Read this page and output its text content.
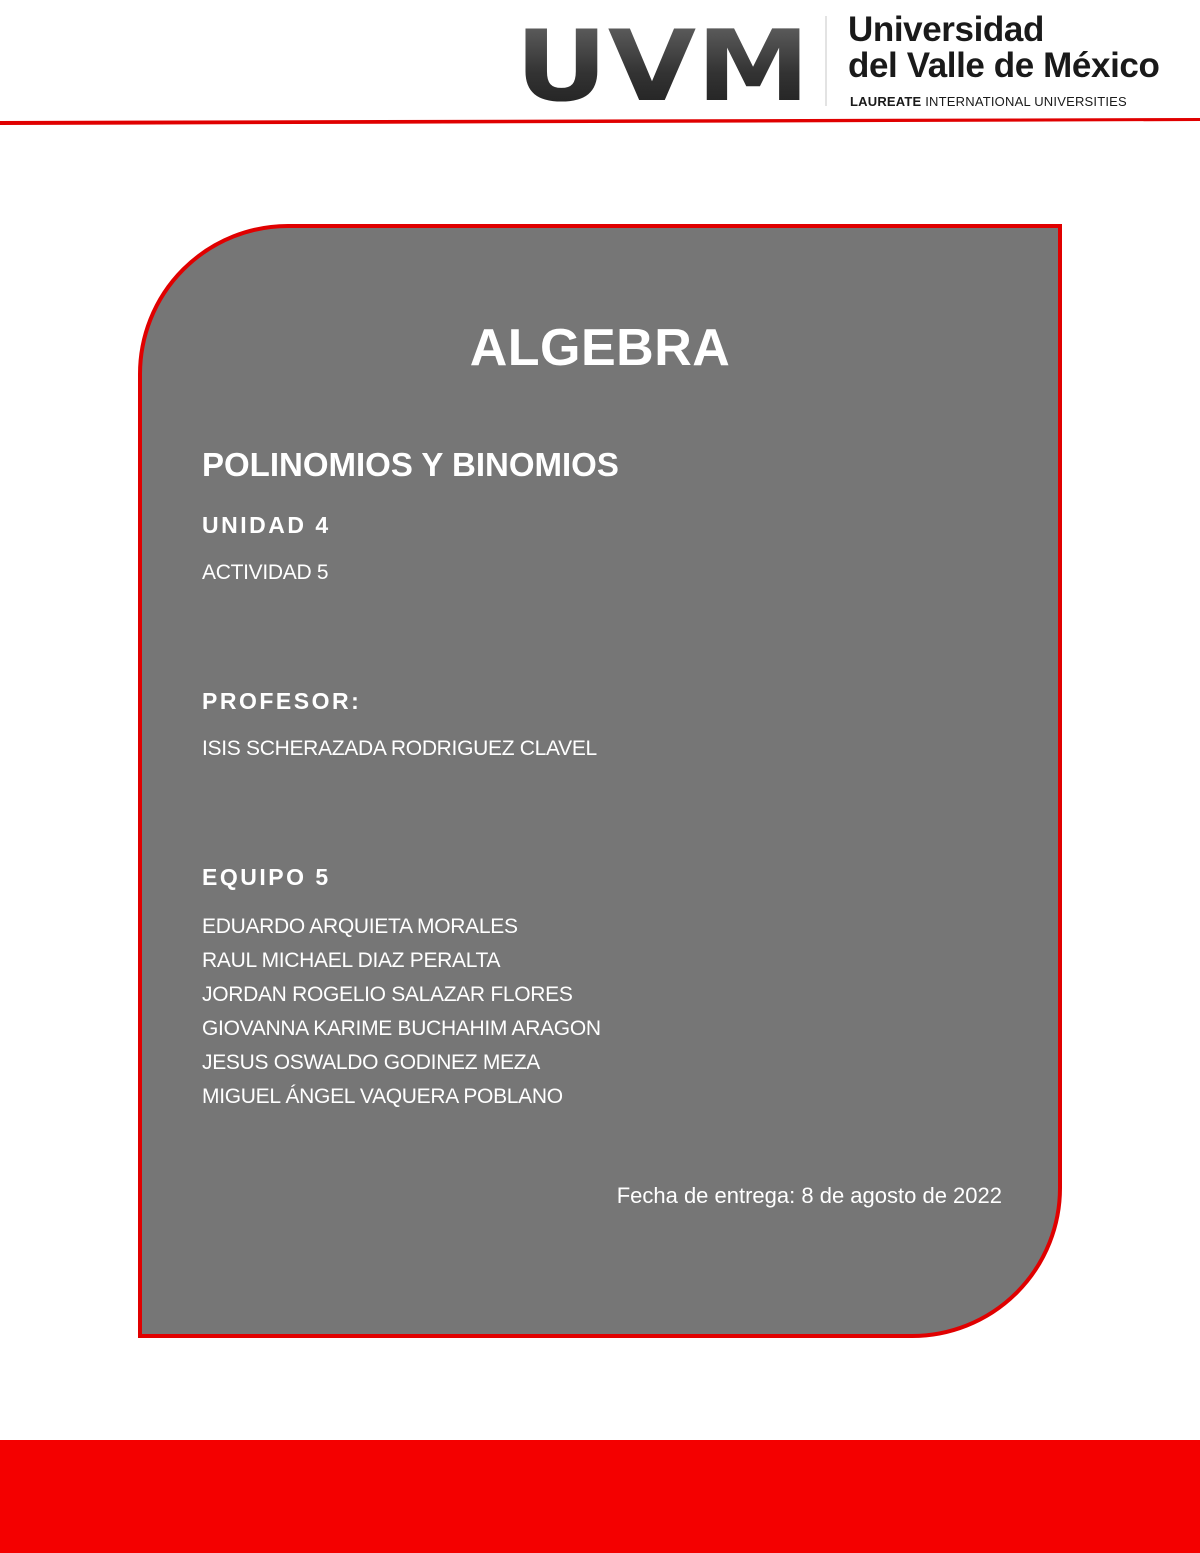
UVM Universidad
del Valle de México
LAUREATE INTERNATIONAL UNIVERSITIES
ALGEBRA
POLINOMIOS Y BINOMIOS
UNIDAD 4
ACTIVIDAD 5
PROFESOR:
ISIS SCHERAZADA RODRIGUEZ CLAVEL
EQUIPO 5
EDUARDO ARQUIETA MORALES
RAUL MICHAEL DIAZ PERALTA
JORDAN ROGELIO SALAZAR FLORES
GIOVANNA KARIME BUCHAHIM ARAGON
JESUS OSWALDO GODINEZ MEZA
MIGUEL ÁNGEL VAQUERA POBLANO
Fecha de entrega: 8 de agosto de 2022
